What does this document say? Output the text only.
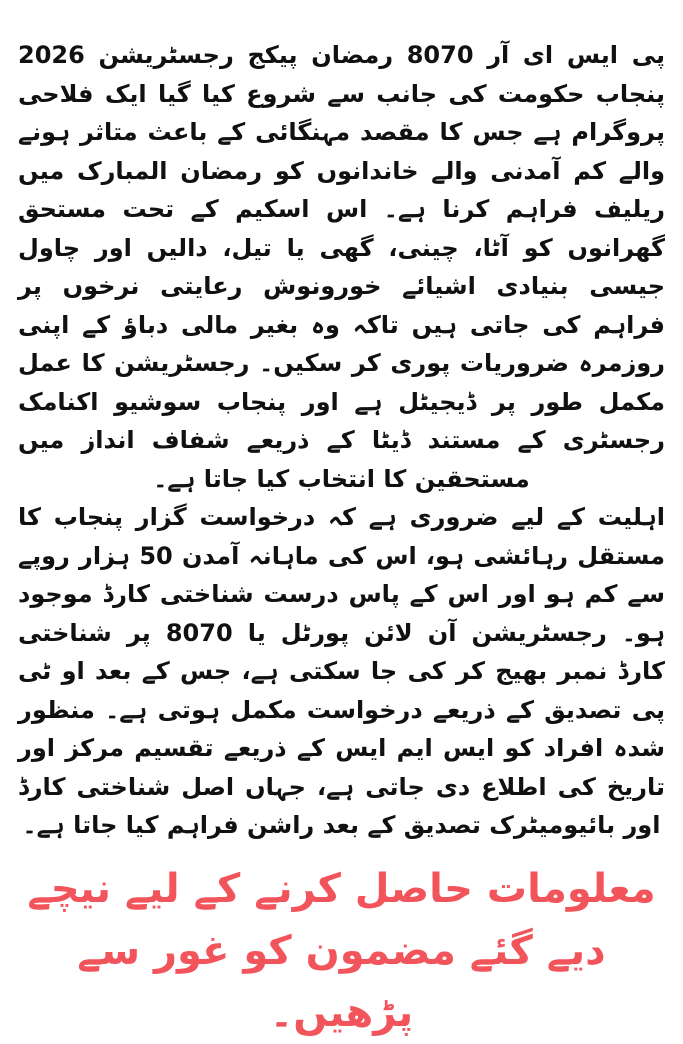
پی ایس ای آر 8070 رمضان پیکج رجسٹریشن 2026 پنجاب حکومت کی جانب سے شروع کیا گیا ایک فلاحی پروگرام ہے جس کا مقصد مہنگائی کے باعث متاثر ہونے والے کم آمدنی والے خاندانوں کو رمضان المبارک میں ریلیف فراہم کرنا ہے۔ اس اسکیم کے تحت مستحق گھرانوں کو آٹا، چینی، گھی یا تیل، دالیں اور چاول جیسی بنیادی اشیائے خورونوش رعایتی نرخوں پر فراہم کی جاتی ہیں تاکہ وہ بغیر مالی دباؤ کے اپنی روزمرہ ضروریات پوری کر سکیں۔ رجسٹریشن کا عمل مکمل طور پر ڈیجیٹل ہے اور پنجاب سوشیو اکنامک رجسٹری کے مستند ڈیٹا کے ذریعے شفاف انداز میں مستحقین کا انتخاب کیا جاتا ہے۔

اہلیت کے لیے ضروری ہے کہ درخواست گزار پنجاب کا مستقل رہائشی ہو، اس کی ماہانہ آمدن 50 ہزار روپے سے کم ہو اور اس کے پاس درست شناختی کارڈ موجود ہو۔ رجسٹریشن آن لائن پورٹل یا 8070 پر شناختی کارڈ نمبر بھیج کر کی جا سکتی ہے، جس کے بعد او ٹی پی تصدیق کے ذریعے درخواست مکمل ہوتی ہے۔ منظور شدہ افراد کو ایس ایم ایس کے ذریعے تقسیم مرکز اور تاریخ کی اطلاع دی جاتی ہے، جہاں اصل شناختی کارڈ اور بائیومیٹرک تصدیق کے بعد راشن فراہم کیا جاتا ہے۔

معلومات حاصل کرنے کے لیے نیچے دیے گئے مضمون کو غور سے پڑھیں۔
